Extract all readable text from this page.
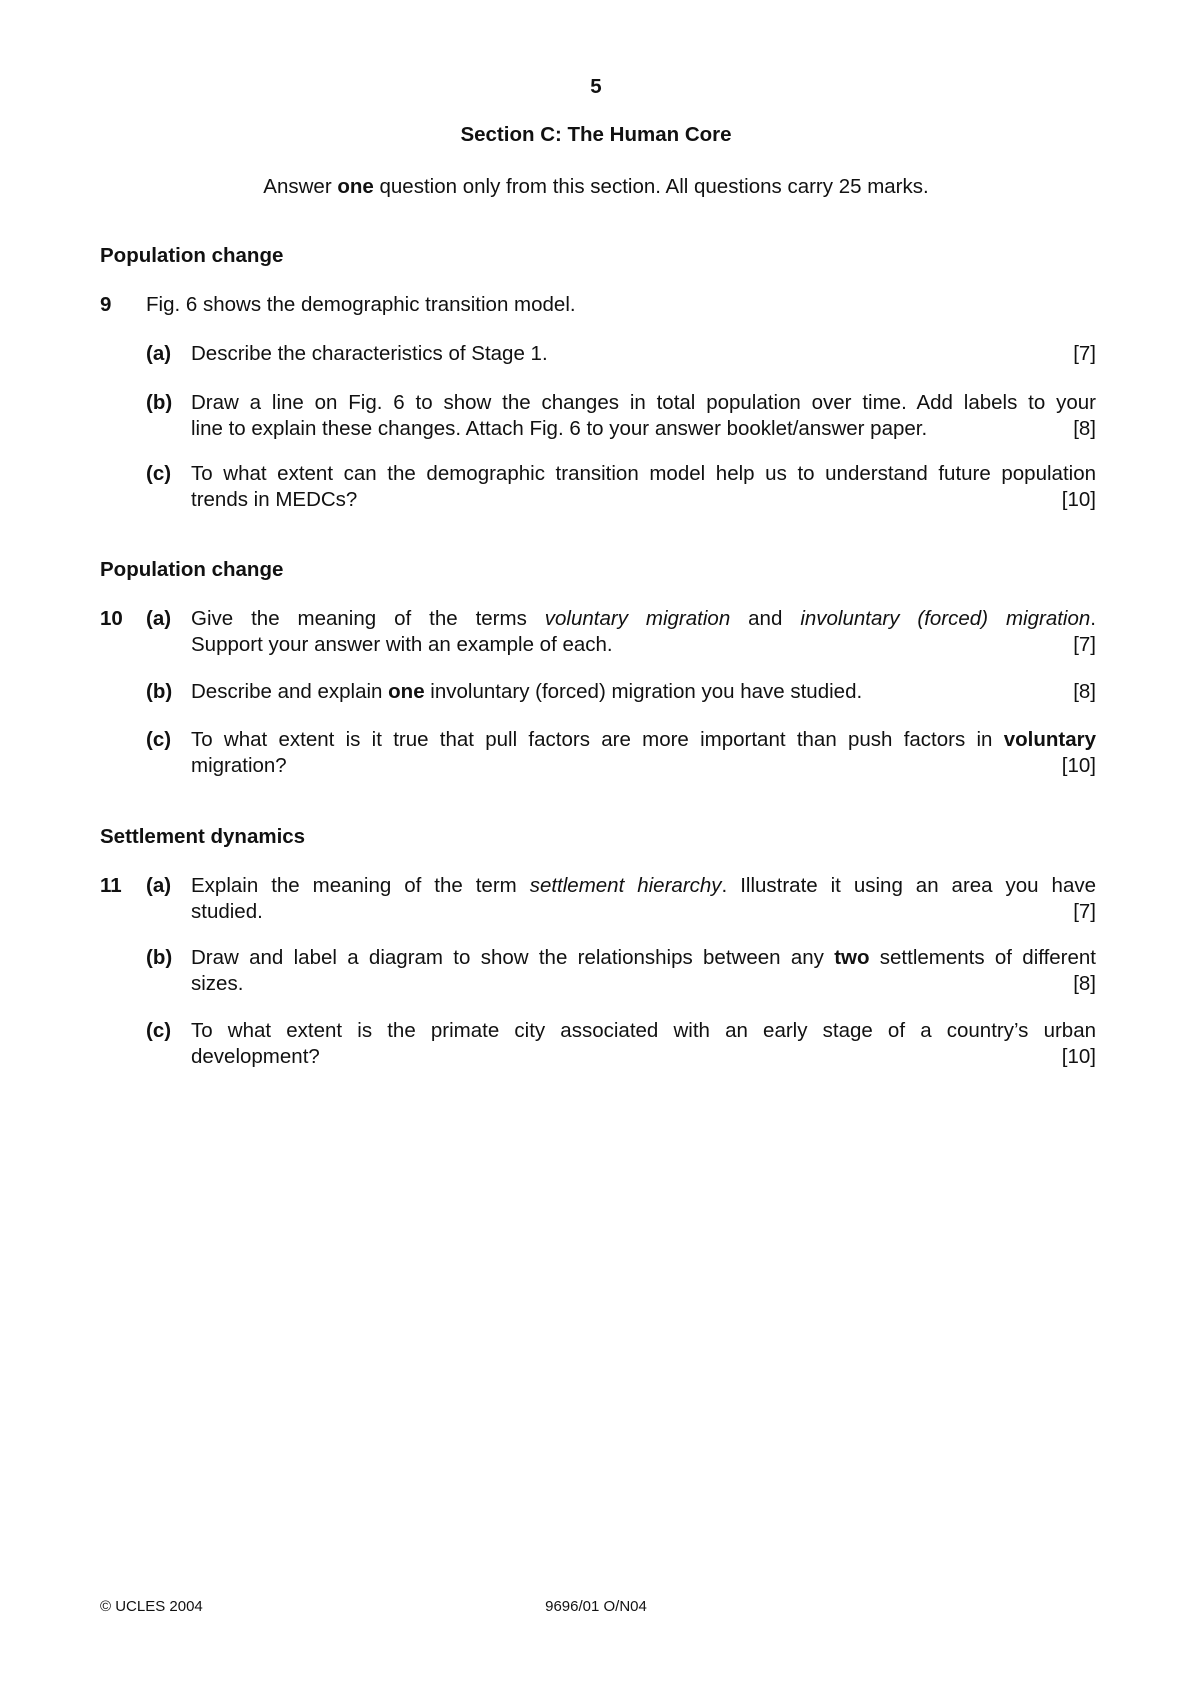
5
Section C: The Human Core
Answer one question only from this section. All questions carry 25 marks.
Population change
9 Fig. 6 shows the demographic transition model.
(a) Describe the characteristics of Stage 1.	[7]
(b) Draw a line on Fig. 6 to show the changes in total population over time. Add labels to your
line to explain these changes. Attach Fig. 6 to your answer booklet/answer paper.	[8]
(c) To what extent can the demographic transition model help us to understand future population
trends in MEDCs?	[10]
Population change
10 (a) Give the meaning of the terms voluntary migration and involuntary (forced) migration.
Support your answer with an example of each.	[7]
(b) Describe and explain one involuntary (forced) migration you have studied.	[8]
(c) To what extent is it true that pull factors are more important than push factors in voluntary
migration?	[10]
Settlement dynamics
11 (a) Explain the meaning of the term settlement hierarchy. Illustrate it using an area you have
studied.	[7]
(b) Draw and label a diagram to show the relationships between any two settlements of different
sizes.	[8]
(c) To what extent is the primate city associated with an early stage of a country’s urban
development?	[10]
© UCLES 2004	9696/01 O/N04
